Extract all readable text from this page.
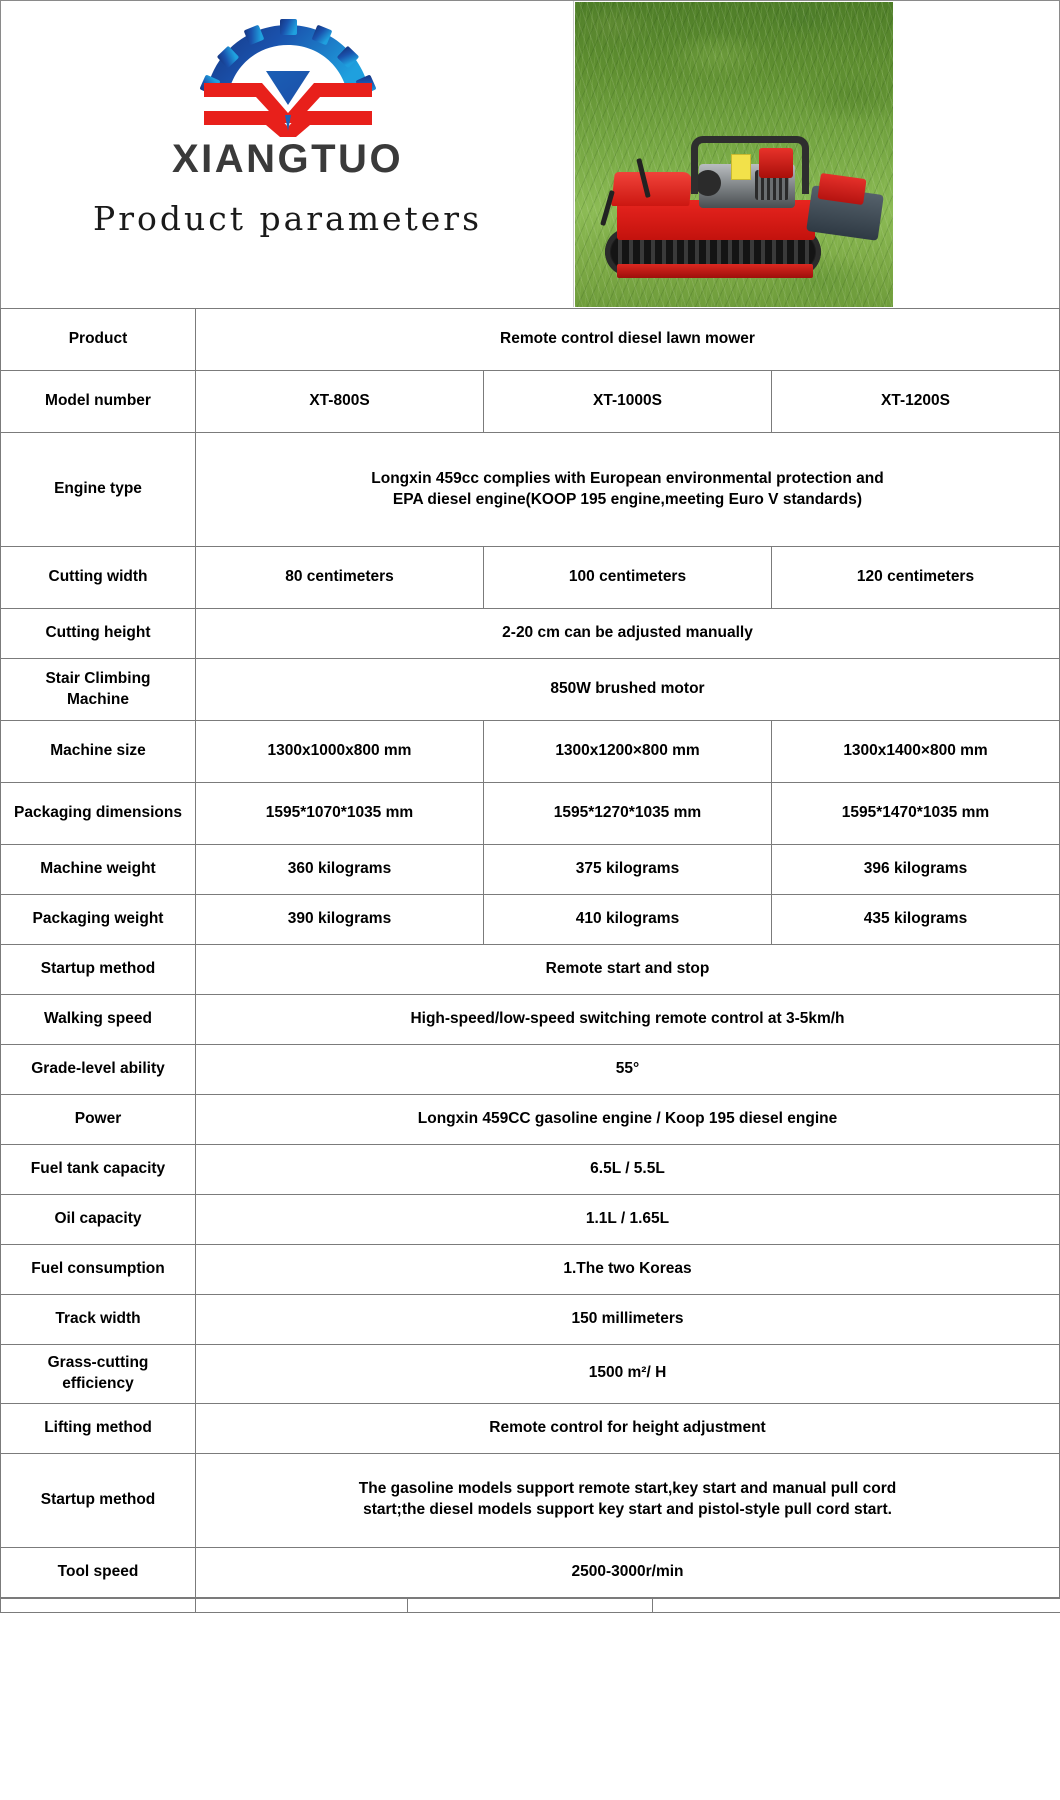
XIANGTUO
Product parameters
Product	Remote control diesel lawn mower		
Model number	XT-800S	XT-1000S	XT-1200S
Engine type	Longxin 459cc complies with European environmental protection and
EPA diesel engine(KOOP 195 engine,meeting Euro V standards)		

Cutting width	80 centimeters	100 centimeters	120 centimeters
Cutting height	2-20 cm can be adjusted manually		

Stair Climbing
Machine	850W brushed motor		
Machine size	1300x1000x800 mm	1300x1200×800 mm	1300x1400×800 mm
Packaging dimensions	1595*1070*1035 mm	1595*1270*1035 mm	1595*1470*1035 mm
Machine weight	360 kilograms	375 kilograms	396 kilograms
Packaging weight	390 kilograms	410 kilograms	435 kilograms
Startup method	Remote start and stop		
Walking speed	High-speed/low-speed switching remote control at 3-5km/h		
Grade-level ability	55°		
Power	Longxin 459CC gasoline engine / Koop 195 diesel engine		
Fuel tank capacity	6.5L / 5.5L		
Oil capacity	1.1L / 1.65L		
Fuel consumption	1.The two Koreas		
Track width	150 millimeters		

Grass-cutting
efficiency	1500 m²/ H		
Lifting method	Remote control for height adjustment		
Startup method	The gasoline models support remote start,key start and manual pull cord
start;the diesel models support key start and pistol-style pull cord start.		

Tool speed	2500-3000r/min		
